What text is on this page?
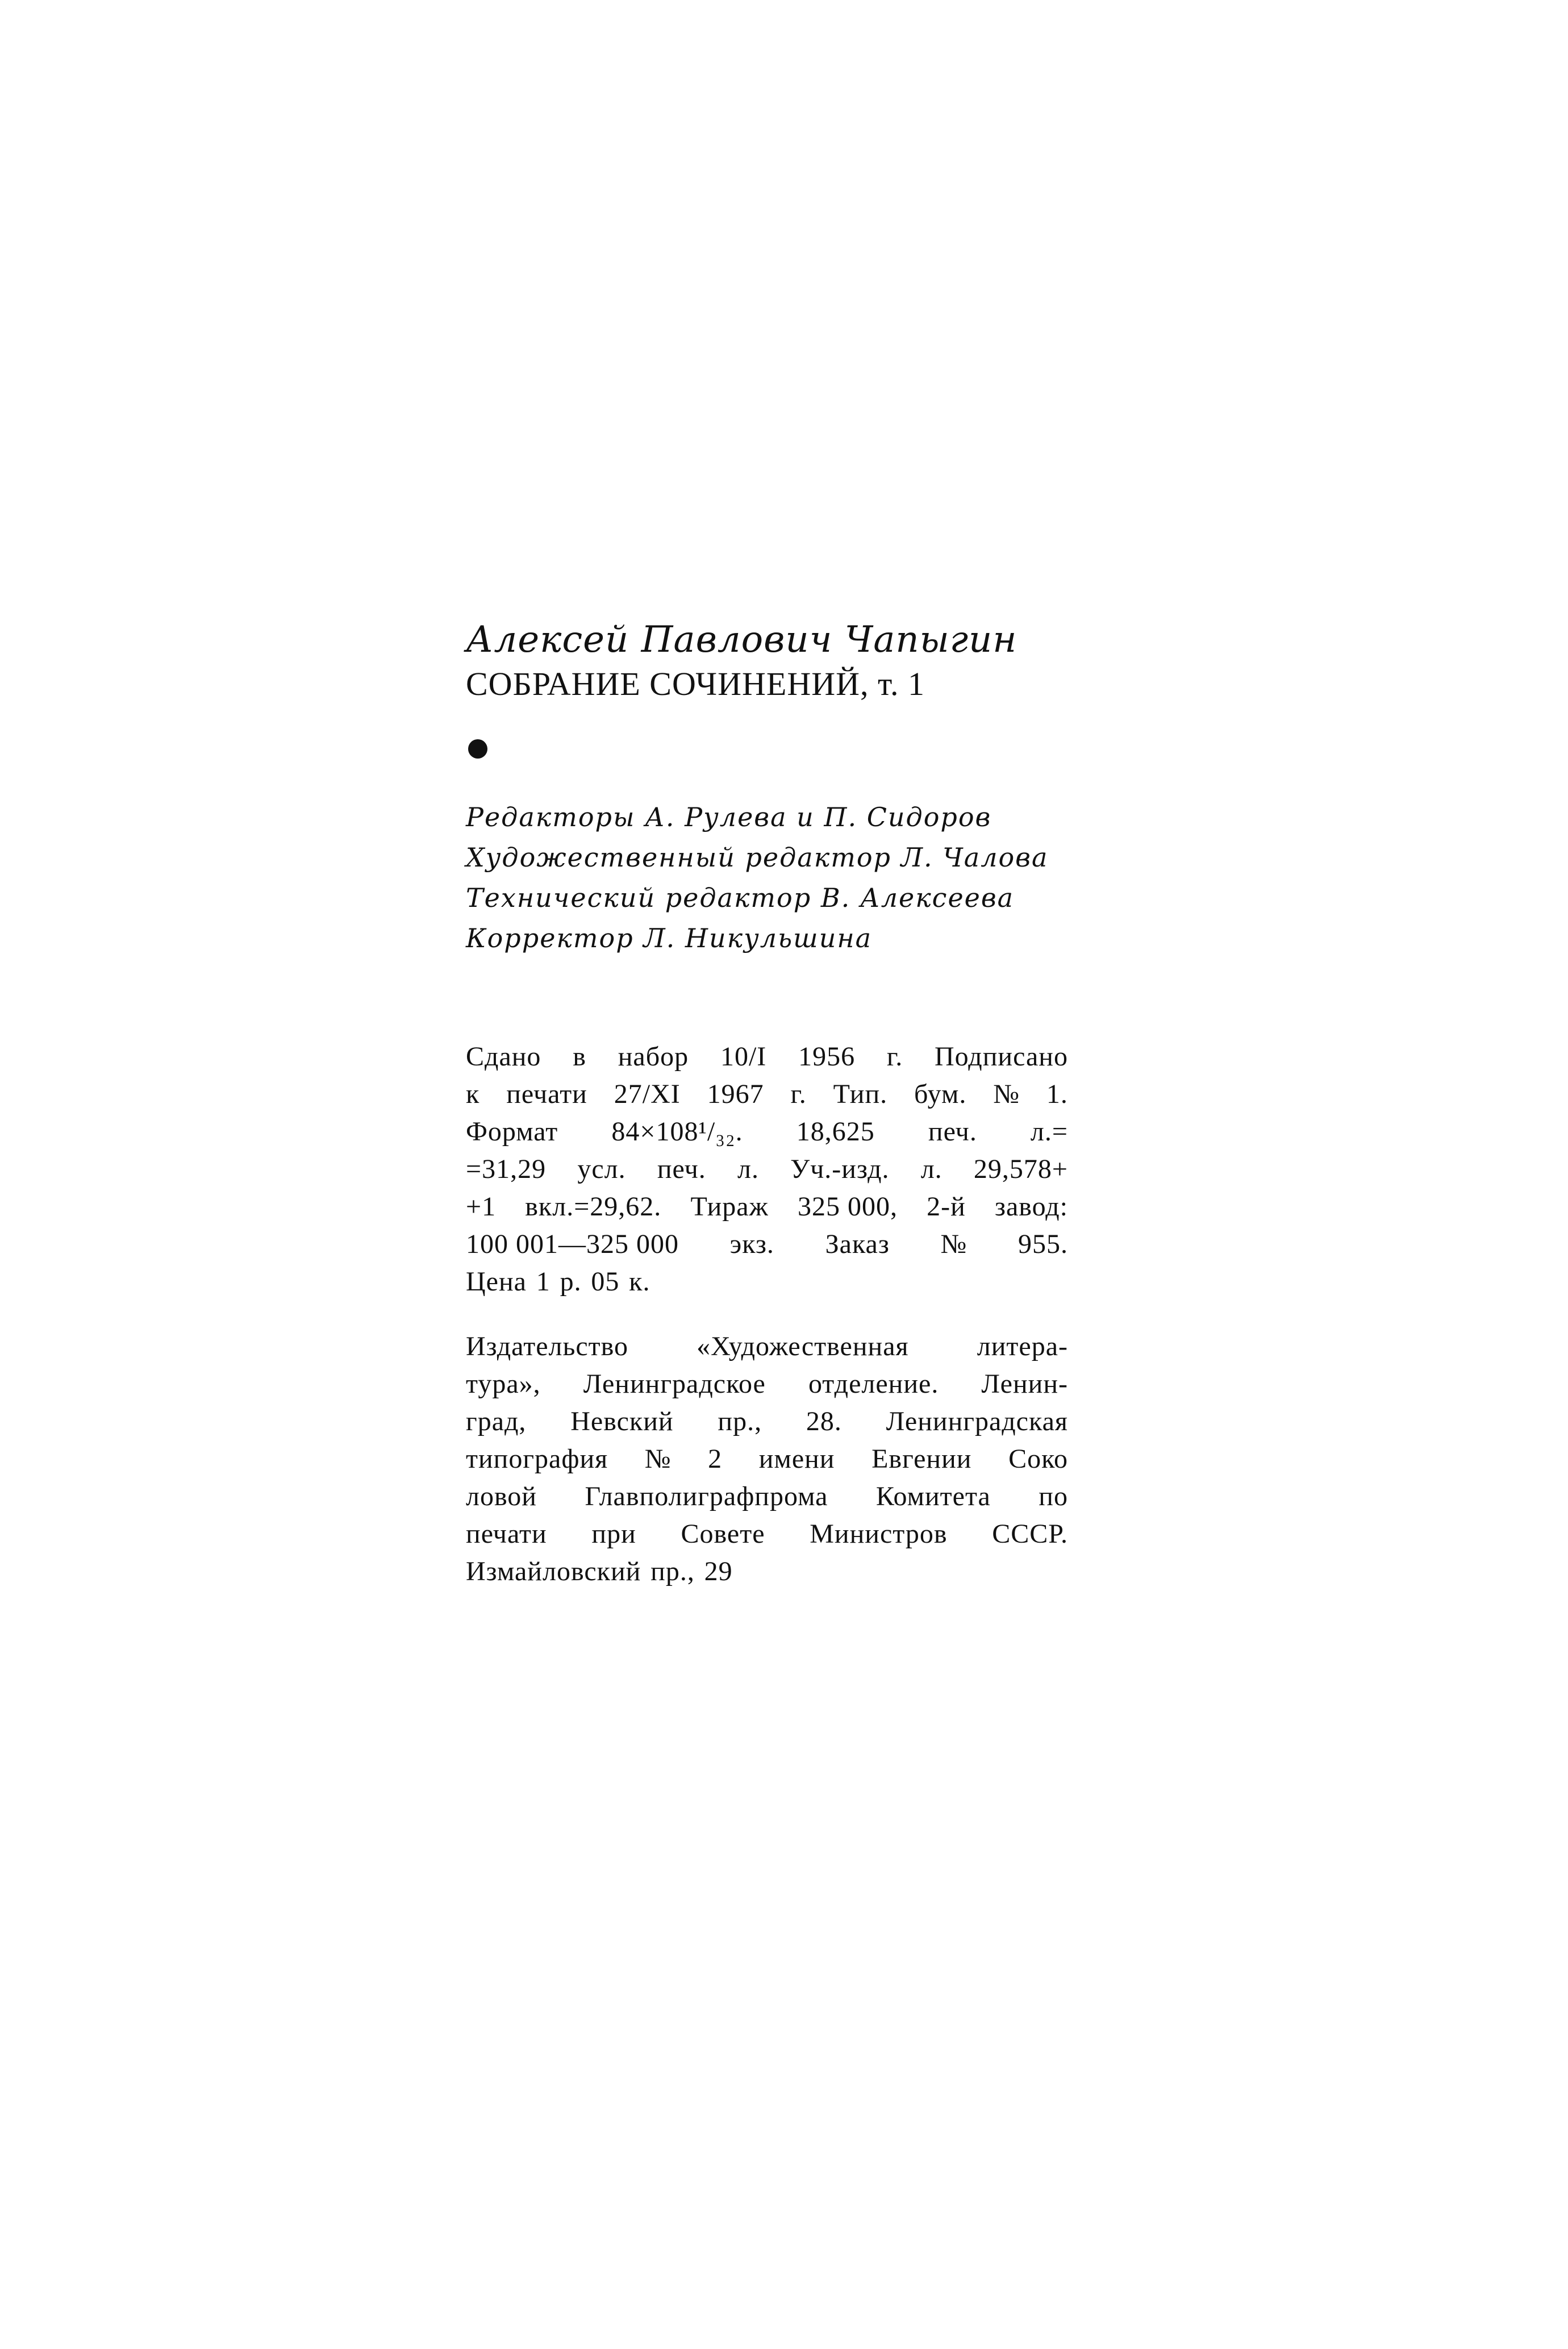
Алексей Павлович Чапыгин

СОБРАНИЕ СОЧИНЕНИЙ, т. 1

Редакторы А. Рулева и П. Сидоров
Художественный редактор Л. Чалова
Технический редактор В. Алексеева
Корректор Л. Никульшина
Сдано в набор 10/I 1956 г. Подписано
к печати 27/XI 1967 г. Тип. бум. № 1.
Формат 84×108¹/₃₂. 18,625 печ. л.=
=31,29 усл. печ. л. Уч.-изд. л. 29,578+
+1 вкл.=29,62. Тираж 325 000, 2-й завод:
100 001—325 000 экз. Заказ № 955.
Цена 1 р. 05 к.
Издательство	«Художественная	литера-
тура», Ленинградское отделение. Ленин-
град, Невский пр., 28. Ленинградская
типография № 2 имени Евгении Соко
ловой Главполиграфпрома Комитета по
печати при Совете Министров СССР.
Измайловский пр., 29
